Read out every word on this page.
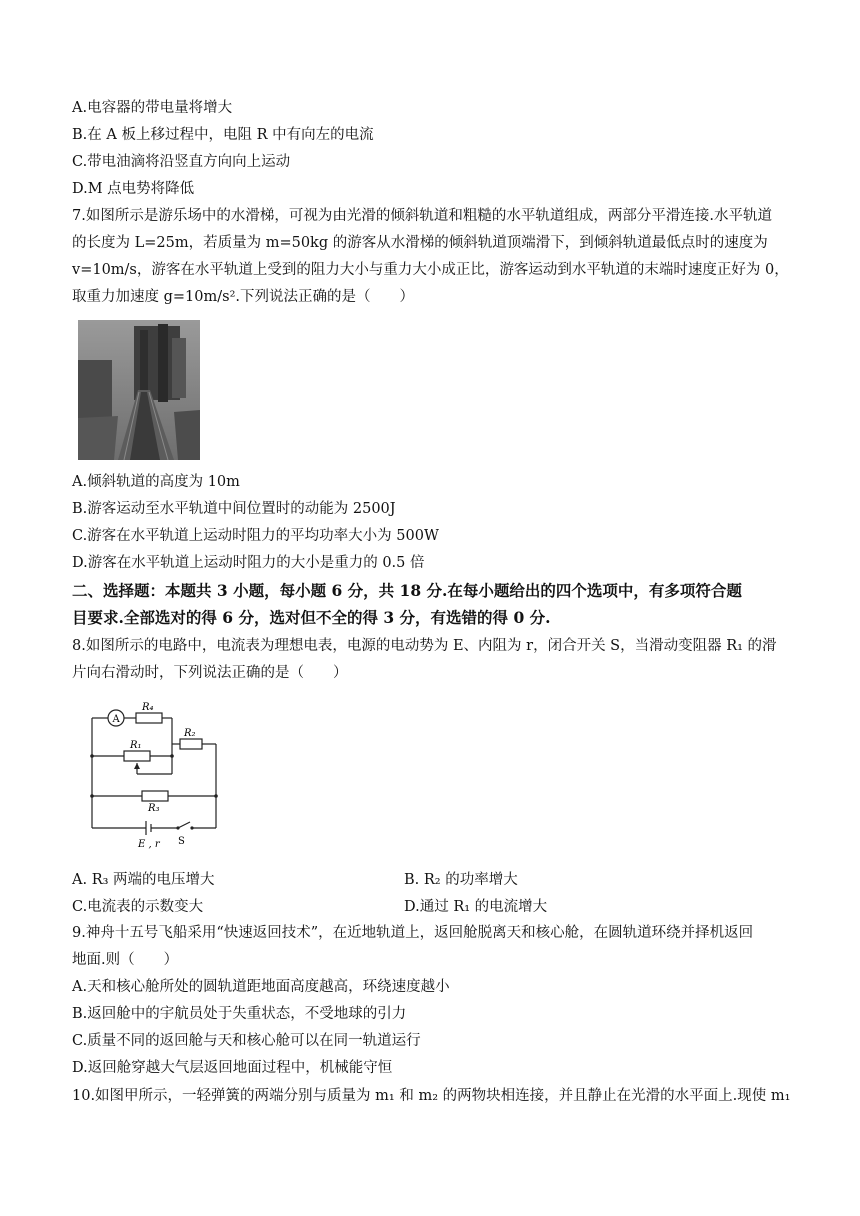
A.电容器的带电量将增大
B.在 A 板上移过程中，电阻 R 中有向左的电流
C.带电油滴将沿竖直方向向上运动
D.M 点电势将降低
7.如图所示是游乐场中的水滑梯，可视为由光滑的倾斜轨道和粗糙的水平轨道组成，两部分平滑连接.水平轨道
的长度为 L=25m，若质量为 m=50kg 的游客从水滑梯的倾斜轨道顶端滑下，到倾斜轨道最低点时的速度为
v=10m/s，游客在水平轨道上受到的阻力大小与重力大小成正比，游客运动到水平轨道的末端时速度正好为 0，
取重力加速度 g=10m/s².下列说法正确的是（　　）
A.倾斜轨道的高度为 10m
B.游客运动至水平轨道中间位置时的动能为 2500J
C.游客在水平轨道上运动时阻力的平均功率大小为 500W
D.游客在水平轨道上运动时阻力的大小是重力的 0.5 倍
二、选择题：本题共 3 小题，每小题 6 分，共 18 分.在每小题给出的四个选项中，有多项符合题
目要求.全部选对的得 6 分，选对但不全的得 3 分，有选错的得 0 分.
8.如图所示的电路中，电流表为理想电表，电源的电动势为 E、内阻为 r，闭合开关 S，当滑动变阻器 R₁ 的滑
片向右滑动时，下列说法正确的是（　　）
A
R₄
R₂
R₁
R₃
S
E , r
A. R₃ 两端的电压增大	B. R₂ 的功率增大
C.电流表的示数变大	D.通过 R₁ 的电流增大
9.神舟十五号飞船采用“快速返回技术”，在近地轨道上，返回舱脱离天和核心舱，在圆轨道环绕并择机返回
地面.则（　　）
A.天和核心舱所处的圆轨道距地面高度越高，环绕速度越小
B.返回舱中的宇航员处于失重状态，不受地球的引力
C.质量不同的返回舱与天和核心舱可以在同一轨道运行
D.返回舱穿越大气层返回地面过程中，机械能守恒
10.如图甲所示，一轻弹簧的两端分别与质量为 m₁ 和 m₂ 的两物块相连接，并且静止在光滑的水平面上.现使 m₁
